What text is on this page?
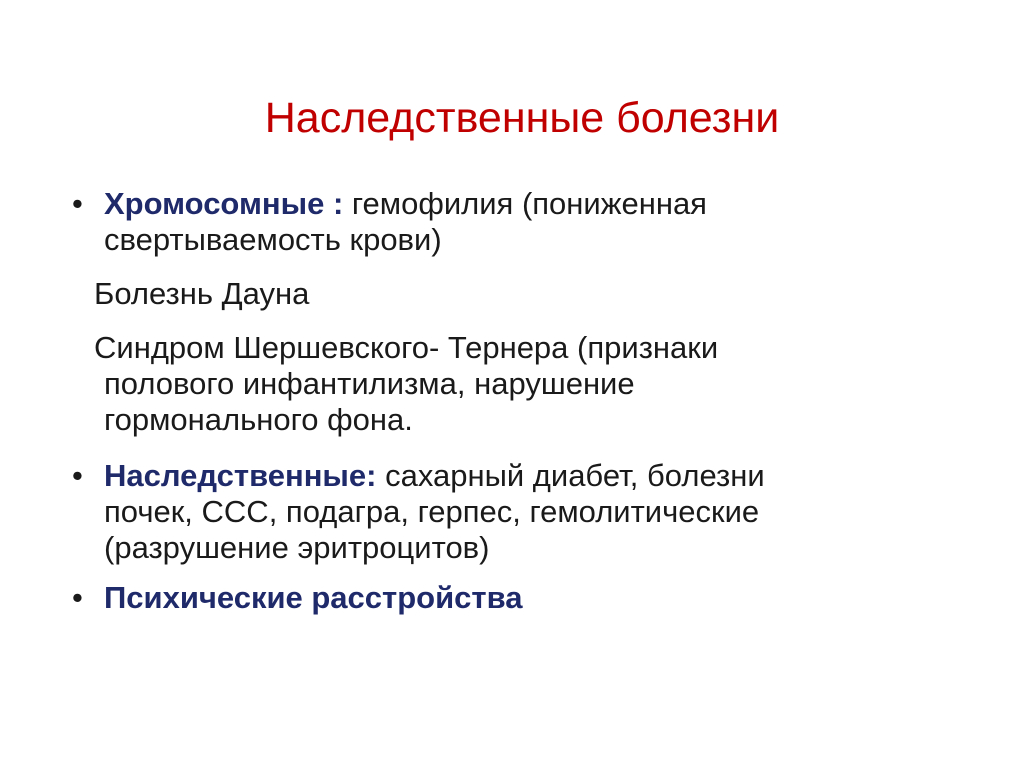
Наследственные болезни
• Хромосомные : гемофилия (пониженная
свертываемость крови)
Болезнь Дауна
Синдром Шершевского- Тернера (признаки
полового инфантилизма, нарушение
гормонального фона.
• Наследственные: сахарный диабет, болезни
почек, ССС, подагра, герпес, гемолитические
(разрушение эритроцитов)
• Психические расстройства
